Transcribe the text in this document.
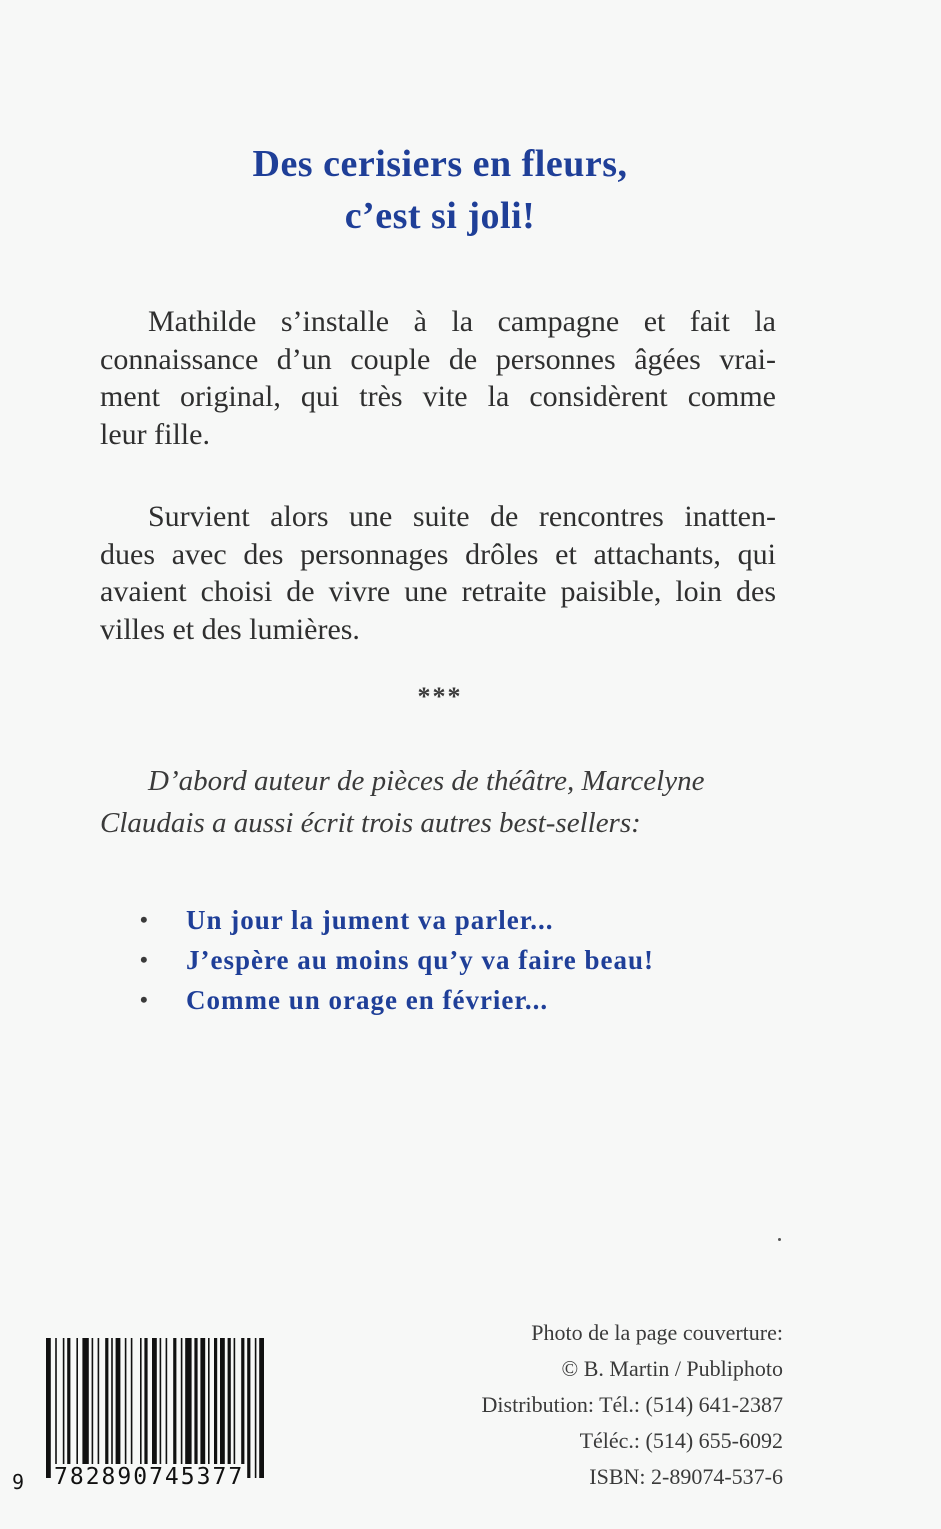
Des cerisiers en fleurs,
c’est si joli!
Mathilde s’installe à la campagne et fait la
connaissance d’un couple de personnes âgées vrai-
ment original, qui très vite la considèrent comme
leur fille.
Survient alors une suite de rencontres inatten-
dues avec des personnages drôles et attachants, qui
avaient choisi de vivre une retraite paisible, loin des
villes et des lumières.
***
D’abord auteur de pièces de théâtre, Marcelyne
Claudais a aussi écrit trois autres best-sellers:
•	Un jour la jument va parler...
•	J’espère au moins qu’y va faire beau!
•	Comme un orage en février...
9 782890745377
Photo de la page couverture:
© B. Martin / Publiphoto
Distribution: Tél.: (514) 641-2387
Téléc.: (514) 655-6092
ISBN: 2-89074-537-6
